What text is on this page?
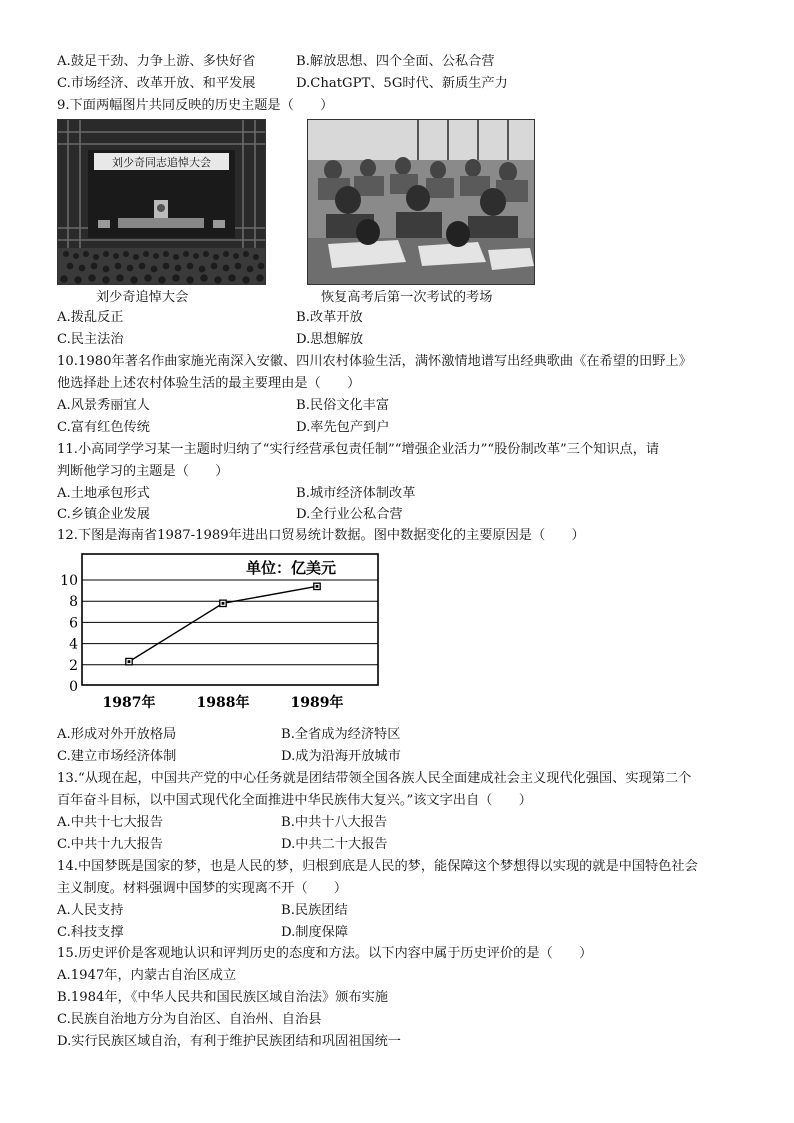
A.鼓足干劲、力争上游、多快好省	B.解放思想、四个全面、公私合营
C.市场经济、改革开放、和平发展	D.ChatGPT、5G时代、新质生产力
9.下面两幅图片共同反映的历史主题是（　　）
刘少奇同志追悼大会
刘少奇追悼大会	恢复高考后第一次考试的考场
A.拨乱反正	B.改革开放
C.民主法治	D.思想解放
10.1980年著名作曲家施光南深入安徽、四川农村体验生活，满怀激情地谱写出经典歌曲《在希望的田野上》
他选择赴上述农村体验生活的最主要理由是（　　）
A.风景秀丽宜人	B.民俗文化丰富
C.富有红色传统	D.率先包产到户
11.小高同学学习某一主题时归纳了“实行经营承包责任制”“增强企业活力”“股份制改革”三个知识点，请
判断他学习的主题是（　　）
A.土地承包形式	B.城市经济体制改革
C.乡镇企业发展	D.全行业公私合营
12.下图是海南省1987-1989年进出口贸易统计数据。图中数据变化的主要原因是（　　）
0
2
4
6
8
10
1987年	1988年	1989年
单位：亿美元
A.形成对外开放格局	B.全省成为经济特区
C.建立市场经济体制	D.成为沿海开放城市
13.“从现在起，中国共产党的中心任务就是团结带领全国各族人民全面建成社会主义现代化强国、实现第二个
百年奋斗目标，以中国式现代化全面推进中华民族伟大复兴。”该文字出自（　　）
A.中共十七大报告	B.中共十八大报告
C.中共十九大报告	D.中共二十大报告
14.中国梦既是国家的梦，也是人民的梦，归根到底是人民的梦，能保障这个梦想得以实现的就是中国特色社会
主义制度。材料强调中国梦的实现离不开（　　）
A.人民支持	B.民族团结
C.科技支撑	D.制度保障
15.历史评价是客观地认识和评判历史的态度和方法。以下内容中属于历史评价的是（　　）
A.1947年，内蒙古自治区成立
B.1984年，《中华人民共和国民族区域自治法》颁布实施
C.民族自治地方分为自治区、自治州、自治县
D.实行民族区域自治，有利于维护民族团结和巩固祖国统一
